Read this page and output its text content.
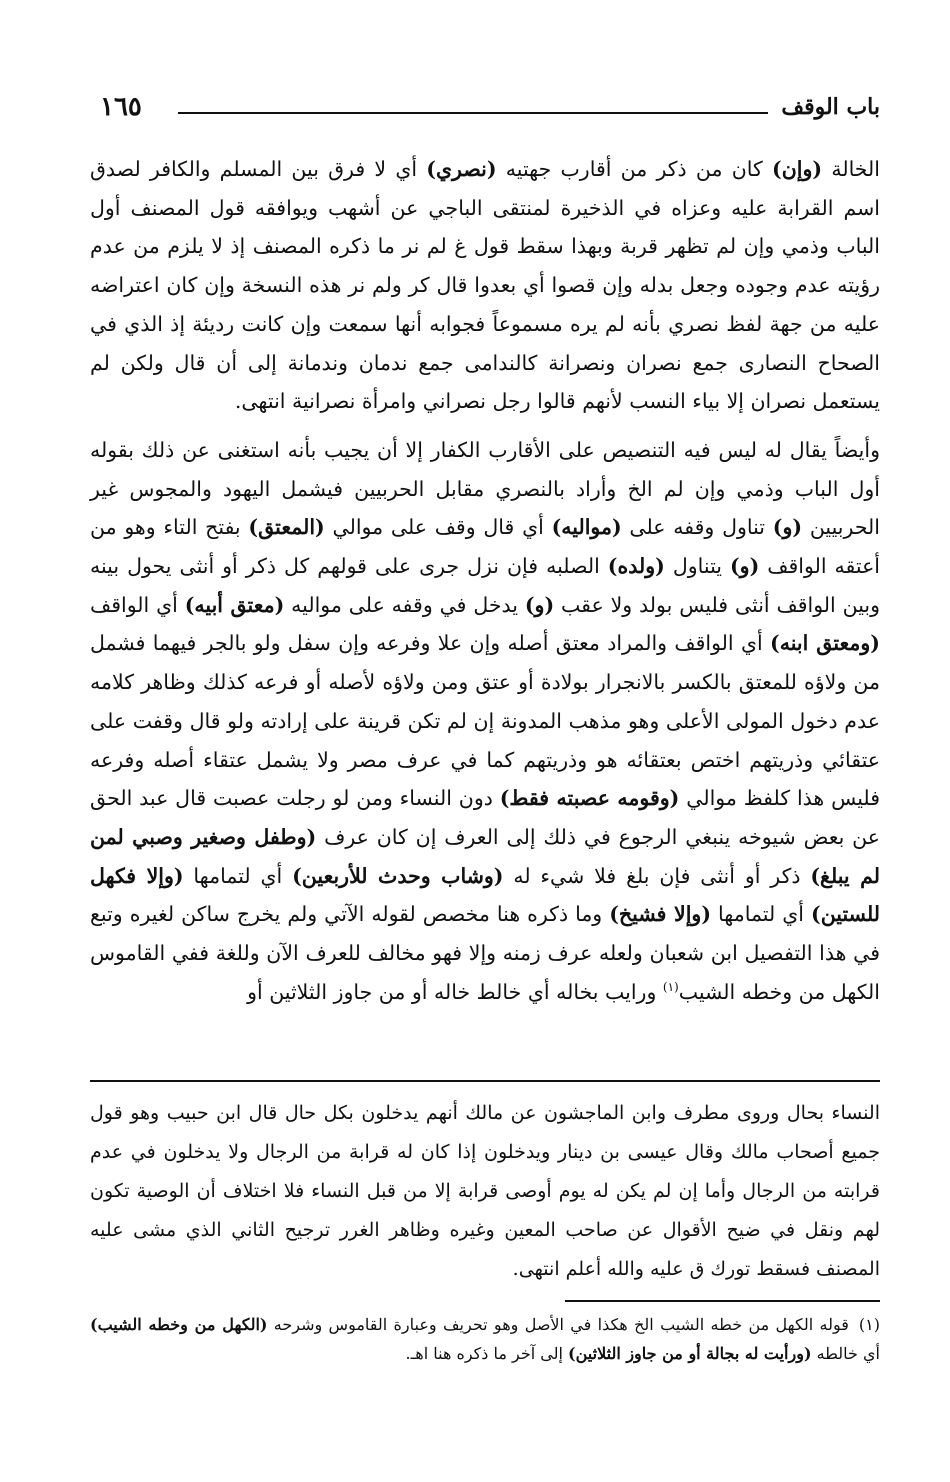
باب الوقف
١٦٥

الخالة (وإن) كان من ذكر من أقارب جهتيه (نصري) أي لا فرق بين المسلم والكافر لصدق اسم القرابة عليه وعزاه في الذخيرة لمنتقى الباجي عن أشهب ويوافقه قول المصنف أول الباب وذمي وإن لم تظهر قربة وبهذا سقط قول غ لم نر ما ذكره المصنف إذ لا يلزم من عدم رؤيته عدم وجوده وجعل بدله وإن قصوا أي بعدوا قال كر ولم نر هذه النسخة وإن كان اعتراضه عليه من جهة لفظ نصري بأنه لم يره مسموعاً فجوابه أنها سمعت وإن كانت رديئة إذ الذي في الصحاح النصارى جمع نصران ونصرانة كالندامى جمع ندمان وندمانة إلى أن قال ولكن لم يستعمل نصران إلا بياء النسب لأنهم قالوا رجل نصراني وامرأة نصرانية انتهى.

وأيضاً يقال له ليس فيه التنصيص على الأقارب الكفار إلا أن يجيب بأنه استغنى عن ذلك بقوله أول الباب وذمي وإن لم الخ وأراد بالنصري مقابل الحربيين فيشمل اليهود والمجوس غير الحربيين (و) تناول وقفه على (مواليه) أي قال وقف على موالي (المعتق) بفتح التاء وهو من أعتقه الواقف (و) يتناول (ولده) الصلبه فإن نزل جرى على قولهم كل ذكر أو أنثى يحول بينه وبين الواقف أنثى فليس بولد ولا عقب (و) يدخل في وقفه على مواليه (معتق أبيه) أي الواقف (ومعتق ابنه) أي الواقف والمراد معتق أصله وإن علا وفرعه وإن سفل ولو بالجر فيهما فشمل من ولاؤه للمعتق بالكسر بالانجرار بولادة أو عتق ومن ولاؤه لأصله أو فرعه كذلك وظاهر كلامه عدم دخول المولى الأعلى وهو مذهب المدونة إن لم تكن قرينة على إرادته ولو قال وقفت على عتقائي وذريتهم اختص بعتقائه هو وذريتهم كما في عرف مصر ولا يشمل عتقاء أصله وفرعه فليس هذا كلفظ موالي (وقومه عصبته فقط) دون النساء ومن لو رجلت عصبت قال عبد الحق عن بعض شيوخه ينبغي الرجوع في ذلك إلى العرف إن كان عرف (وطفل وصغير وصبي لمن لم يبلغ) ذكر أو أنثى فإن بلغ فلا شيء له (وشاب وحدث للأربعين) أي لتمامها (وإلا فكهل للستين) أي لتمامها (وإلا فشيخ) وما ذكره هنا مخصص لقوله الآتي ولم يخرج ساكن لغيره وتبع في هذا التفصيل ابن شعبان ولعله عرف زمنه وإلا فهو مخالف للعرف الآن وللغة ففي القاموس الكهل من وخطه الشيب$^{(١)}$ ورايب بخاله أي خالط خاله أو من جاوز الثلاثين أو

النساء بحال وروى مطرف وابن الماجشون عن مالك أنهم يدخلون بكل حال قال ابن حبيب وهو قول جميع أصحاب مالك وقال عيسى بن دينار ويدخلون إذا كان له قرابة من الرجال ولا يدخلون في عدم قرابته من الرجال وأما إن لم يكن له يوم أوصى قرابة إلا من قبل النساء فلا اختلاف أن الوصية تكون لهم ونقل في ضيح الأقوال عن صاحب المعين وغيره وظاهر الغرر ترجيح الثاني الذي مشى عليه المصنف فسقط تورك ق عليه والله أعلم انتهى.
(١)قوله الكهل من خطه الشيب الخ هكذا في الأصل وهو تحريف وعبارة القاموس وشرحه (الكهل من وخطه الشيب) أي خالطه (ورأيت له بجالة أو من جاوز الثلاثين) إلى آخر ما ذكره هنا اهـ.
